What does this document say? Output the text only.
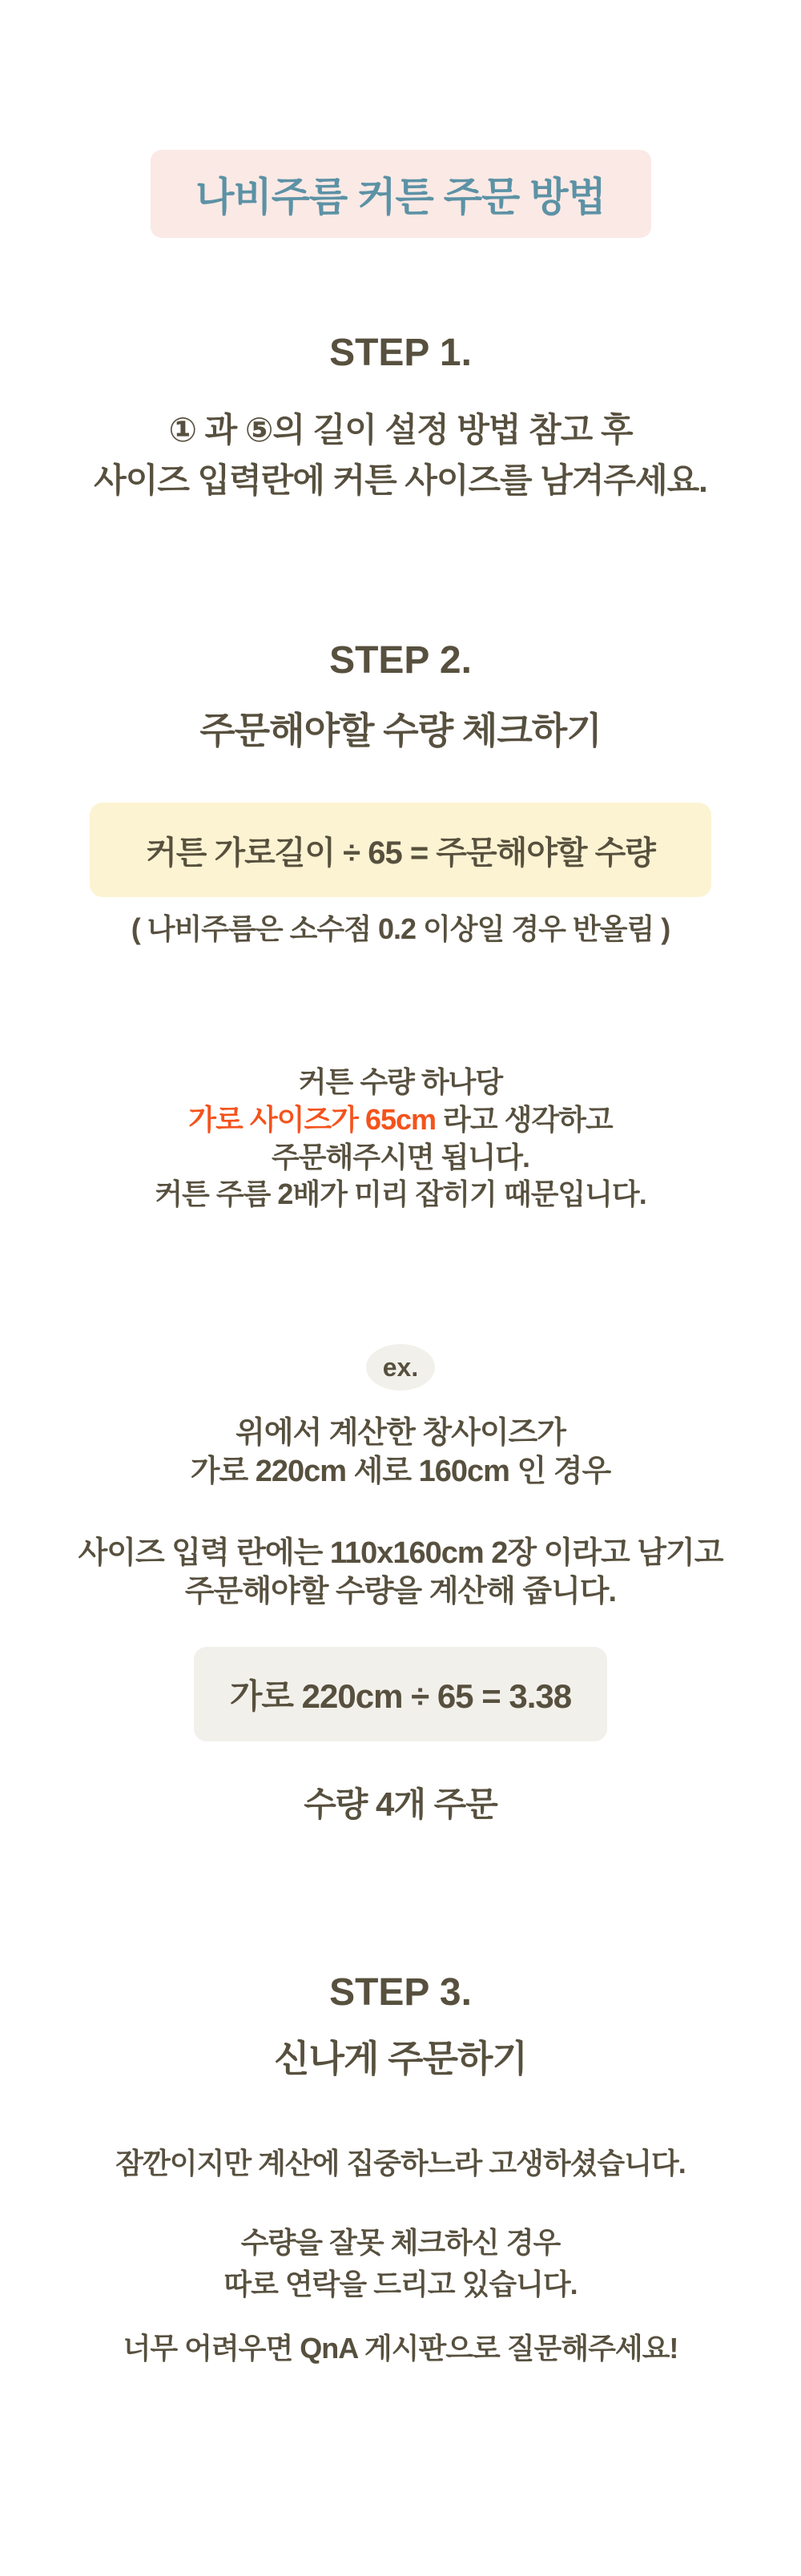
나비주름 커튼 주문 방법
STEP 1.
① 과 ⑤의 길이 설정 방법 참고 후
사이즈 입력란에 커튼 사이즈를 남겨주세요.
STEP 2.
주문해야할 수량 체크하기
커튼 가로길이 ÷ 65 = 주문해야할 수량
( 나비주름은 소수점 0.2 이상일 경우 반올림 )
커튼 수량 하나당
가로 사이즈가 65cm 라고 생각하고
주문해주시면 됩니다.
커튼 주름 2배가 미리 잡히기 때문입니다.
ex.
위에서 계산한 창사이즈가
가로 220cm 세로 160cm 인 경우
사이즈 입력 란에는 110x160cm 2장 이라고 남기고
주문해야할 수량을 계산해 줍니다.
가로 220cm ÷ 65 = 3.38
수량 4개 주문
STEP 3.
신나게 주문하기
잠깐이지만 계산에 집중하느라 고생하셨습니다.
수량을 잘못 체크하신 경우
따로 연락을 드리고 있습니다.
너무 어려우면 QnA 게시판으로 질문해주세요!
